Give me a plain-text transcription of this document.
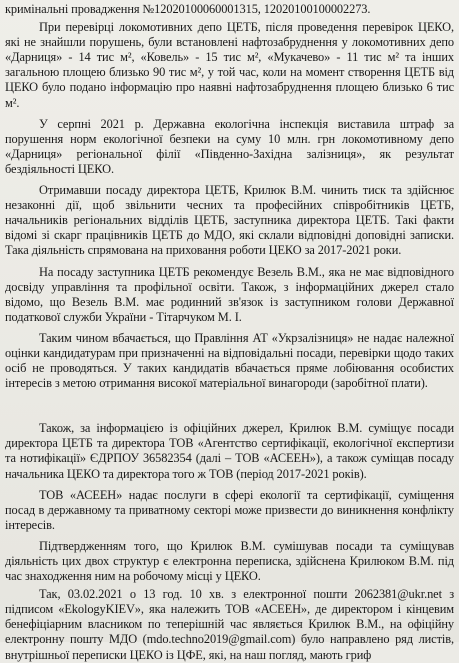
кримінальні провадження №12020100060001315, 12020100100002273.

При перевірці локомотивних депо ЦЕТБ, після проведення перевірок ЦЕКО, які не знайшли порушень, були встановлені нафтозабруднення у локомотивних депо «Дарниця» - 14 тис м², «Ковель» - 15 тис м², «Мукачево» - 11 тис м² та інших загальною площею близько 90 тис м², у той час, коли на момент створення ЦЕТБ від ЦЕКО було подано інформацію про наявні нафтозабруднення площею близько 6 тис м².

У серпні 2021 р. Державна екологічна інспекція виставила штраф за порушення норм екологічної безпеки на суму 10 млн. грн локомотивному депо «Дарниця» регіональної філії «Південно-Західна залізниця», як результат бездіяльності ЦЕКО.

Отримавши посаду директора ЦЕТБ, Крилюк В.М. чинить тиск та здійснює незаконні дії, щоб звільнити чесних та професійних співробітників ЦЕТБ, начальників регіональних відділів ЦЕТБ, заступника директора ЦЕТБ. Такі факти відомі зі скарг працівників ЦЕТБ до МДО, які склали відповідні доповідні записки. Така діяльність спрямована на приховання роботи ЦЕКО за 2017-2021 роки.

На посаду заступника ЦЕТБ рекомендує Везель В.М., яка не має відповідного досвіду управління та профільної освіти. Також, з інформаційних джерел стало відомо, що Везель В.М. має родинний зв'язок із заступником голови Державної податкової служби України - Тітарчуком М. І.

Таким чином вбачається, що Правління АТ «Укрзалізниця» не надає належної оцінки кандидатурам при призначенні на відповідальні посади, перевірки щодо таких осіб не проводяться. У таких кандидатів вбачається пряме лобіювання особистих інтересів з метою отримання високої матеріальної винагороди (заробітної плати).

Також, за інформацією із офіційних джерел, Крилюк В.М. суміщує посади директора ЦЕТБ та директора ТОВ «Агентство сертифікації, екологічної експертизи та нотифікації» ЄДРПОУ 36582354 (далі – ТОВ «АСЕЕН»), а також суміщав посаду начальника ЦЕКО та директора того ж ТОВ (період 2017-2021 років).

ТОВ «АСЕЕН» надає послуги в сфері екології та сертифікації, суміщення посад в державному та приватному секторі може призвести до виникнення конфлікту інтересів.

Підтвердженням того, що Крилюк В.М. сумішував посади та суміщував діяльність цих двох структур є електронна переписка, здійснена Крилюком В.М. під час знаходження ним на робочому місці у ЦЕКО.

Так, 03.02.2021 о 13 год. 10 хв. з електронної пошти 2062381@ukr.net з підписом «EkologyKIEV», яка належить ТОВ «АСЕЕН», де директором і кінцевим бенефіціарним власником по теперішній час являється Крилюк В.М., на офіційну електронну пошту МДО (mdo.techno2019@gmail.com) було направлено ряд листів, внутрішньої переписки ЦЕКО із ЦФЕ, які, на наш погляд, мають гриф
